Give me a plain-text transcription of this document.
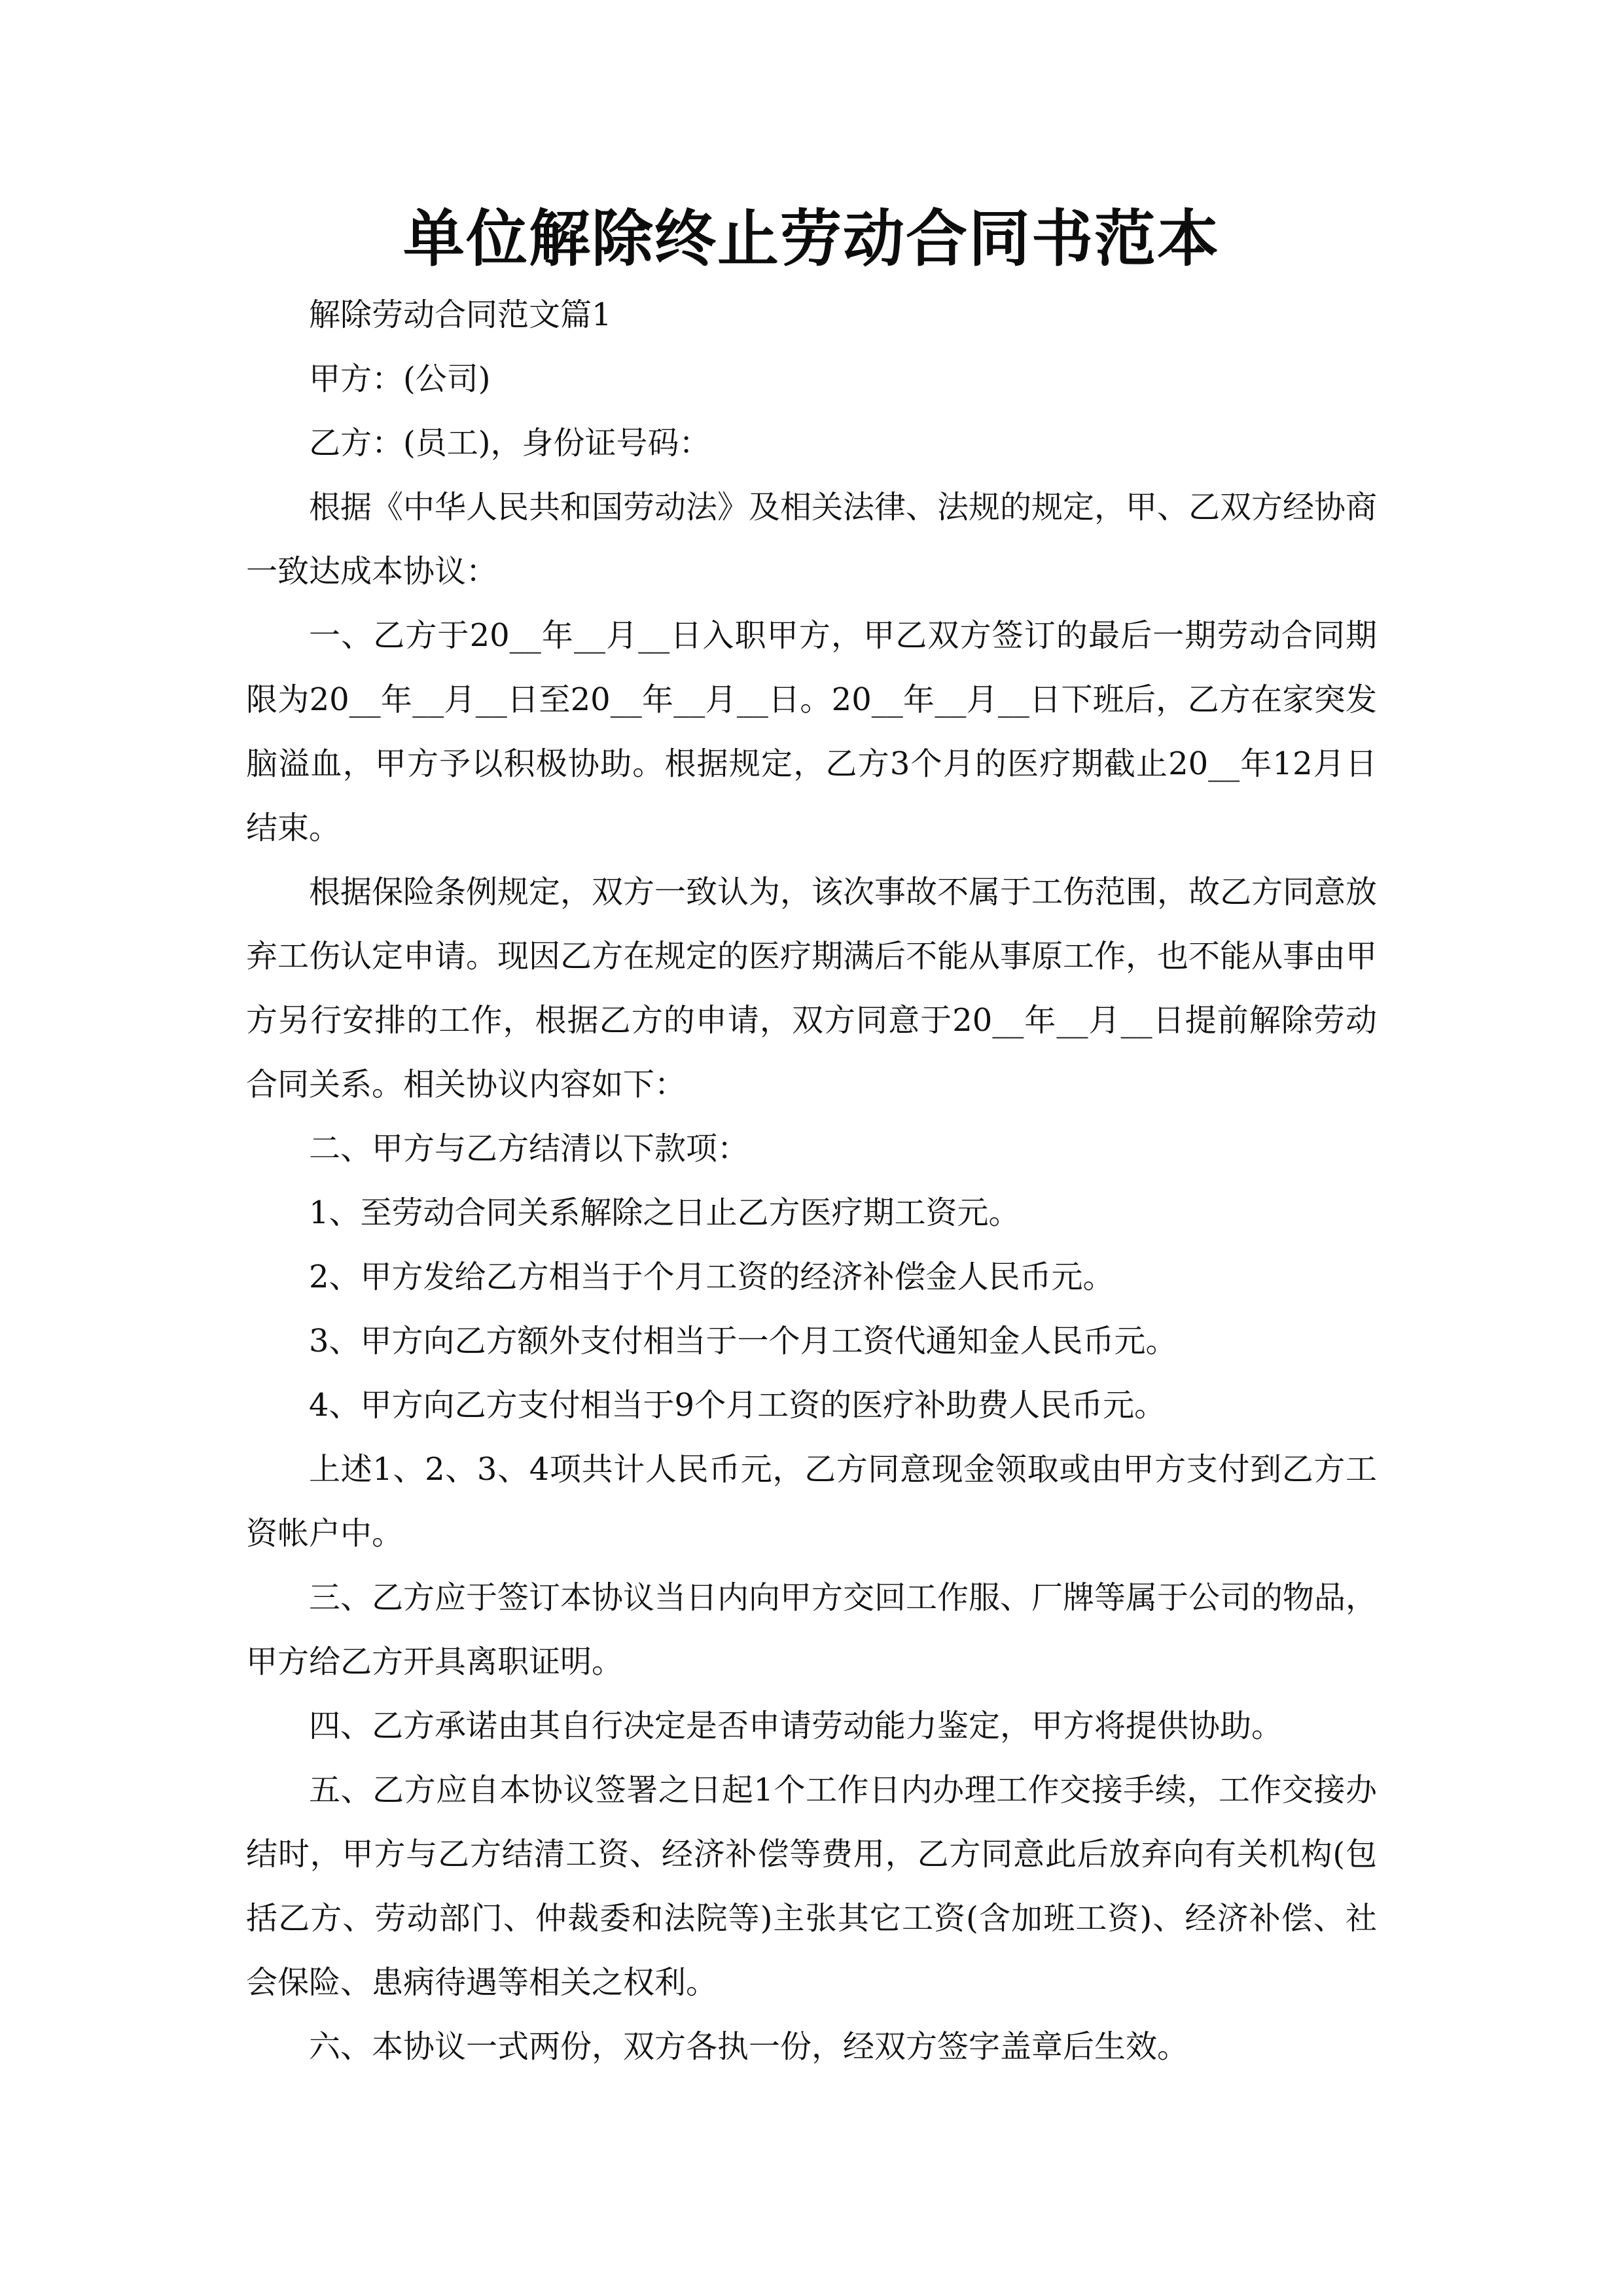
单位解除终止劳动合同书范本

解除劳动合同范文篇1

甲方：(公司)

乙方：(员工)，身份证号码：

根据《中华人民共和国劳动法》及相关法律、法规的规定，甲、乙双方经协商一致达成本协议：

一、乙方于20__年__月__日入职甲方，甲乙双方签订的最后一期劳动合同期限为20__年__月__日至20__年__月__日。20__年__月__日下班后，乙方在家突发脑溢血，甲方予以积极协助。根据规定，乙方3个月的医疗期截止20__年12月日结束。

根据保险条例规定，双方一致认为，该次事故不属于工伤范围，故乙方同意放弃工伤认定申请。现因乙方在规定的医疗期满后不能从事原工作，也不能从事由甲方另行安排的工作，根据乙方的申请，双方同意于20__年__月__日提前解除劳动合同关系。相关协议内容如下：

二、甲方与乙方结清以下款项：

1、至劳动合同关系解除之日止乙方医疗期工资元。

2、甲方发给乙方相当于个月工资的经济补偿金人民币元。

3、甲方向乙方额外支付相当于一个月工资代通知金人民币元。

4、甲方向乙方支付相当于9个月工资的医疗补助费人民币元。

上述1、2、3、4项共计人民币元，乙方同意现金领取或由甲方支付到乙方工资帐户中。

三、乙方应于签订本协议当日内向甲方交回工作服、厂牌等属于公司的物品，甲方给乙方开具离职证明。

四、乙方承诺由其自行决定是否申请劳动能力鉴定，甲方将提供协助。

五、乙方应自本协议签署之日起1个工作日内办理工作交接手续，工作交接办结时，甲方与乙方结清工资、经济补偿等费用，乙方同意此后放弃向有关机构(包括乙方、劳动部门、仲裁委和法院等)主张其它工资(含加班工资)、经济补偿、社会保险、患病待遇等相关之权利。

六、本协议一式两份，双方各执一份，经双方签字盖章后生效。
